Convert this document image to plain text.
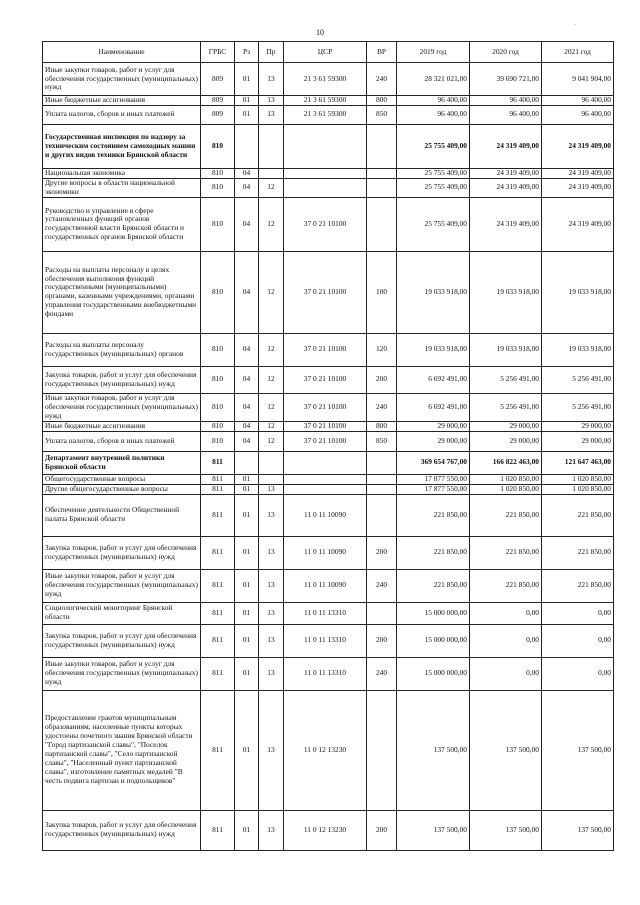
10
-
Наименование	ГРБС	Рз	Пр	ЦСР	ВР	2019 год	2020 год	2021 год
Иные закупки товаров, работ и услуг для обеспечения государственных (муниципальных) нужд	809	01	13	21 3 61 59300	240	28 321 021,00	39 690 721,00	9 041 904,00
Иные бюджетные ассигнования	809	01	13	21 3 61 59300	800	96 400,00	96 400,00	96 400,00
Уплата налогов, сборов и иных платежей	809	01	13	21 3 61 59300	850	96 400,00	96 400,00	96 400,00
Государственная инспекция по надзору за техническим состоянием самоходных машин и других видов техники Брянской области	810					25 755 409,00	24 319 409,00	24 319 409,00
Национальная экономика	810	04				25 755 409,00	24 319 409,00	24 319 409,00
Другие вопросы в области национальной экономики	810	04	12			25 755 409,00	24 319 409,00	24 319 409,00
Руководство и управление в сфере установленных функций органов государственной власти Брянской области и государственных органов Брянской области	810	04	12	37 0 21 10100		25 755 409,00	24 319 409,00	24 319 409,00
Расходы на выплаты персоналу в целях обеспечения выполнения функций государственными (муниципальными) органами, казенными учреждениями, органами управления государственными внебюджетными фондами	810	04	12	37 0 21 10100	100	19 033 918,00	19 033 918,00	19 033 918,00
Расходы на выплаты персоналу государственных (муниципальных) органов	810	04	12	37 0 21 10100	120	19 033 918,00	19 033 918,00	19 033 918,00
Закупка товаров, работ и услуг для обеспечения государственных (муниципальных) нужд	810	04	12	37 0 21 10100	200	6 692 491,00	5 256 491,00	5 256 491,00
Иные закупки товаров, работ и услуг для обеспечения государственных (муниципальных) нужд	810	04	12	37 0 21 10100	240	6 692 491,00	5 256 491,00	5 256 491,00
Иные бюджетные ассигнования	810	04	12	37 0 21 10100	800	29 000,00	29 000,00	29 000,00
Уплата налогов, сборов и иных платежей	810	04	12	37 0 21 10100	850	29 000,00	29 000,00	29 000,00
Департамент внутренней политики Брянской области	811					369 654 767,00	166 822 463,00	121 647 463,00
Общегосударственные вопросы	811	01				17 877 550,00	1 020 850,00	1 020 850,00
Другие общегосударственные вопросы	811	01	13			17 877 550,00	1 020 850,00	1 020 850,00
Обеспечение деятельности Общественной палаты Брянской области	811	01	13	11 0 11 10090		221 850,00	221 850,00	221 850,00
Закупка товаров, работ и услуг для обеспечения государственных (муниципальных) нужд	811	01	13	11 0 11 10090	200	221 850,00	221 850,00	221 850,00
Иные закупки товаров, работ и услуг для обеспечения государственных (муниципальных) нужд	811	01	13	11 0 11 10090	240	221 850,00	221 850,00	221 850,00
Социологический мониторинг Брянской области	811	01	13	11 0 11 13310		15 000 000,00	0,00	0,00
Закупка товаров, работ и услуг для обеспечения государственных (муниципальных) нужд	811	01	13	11 0 11 13310	200	15 000 000,00	0,00	0,00
Иные закупки товаров, работ и услуг для обеспечения государственных (муниципальных) нужд	811	01	13	11 0 11 13310	240	15 000 000,00	0,00	0,00
Предоставление грантов муниципальным образованиям, населенные пункты которых удостоены почетного звания Брянской области "Город партизанской славы", "Поселок партизанской славы", "Село партизанской славы", "Населенный пункт партизанской славы", изготовление памятных медалей "В честь подвига партизан и подпольщиков"	811	01	13	11 0 12 13230		137 500,00	137 500,00	137 500,00
Закупка товаров, работ и услуг для обеспечения государственных (муниципальных) нужд	811	01	13	11 0 12 13230	200	137 500,00	137 500,00	137 500,00
